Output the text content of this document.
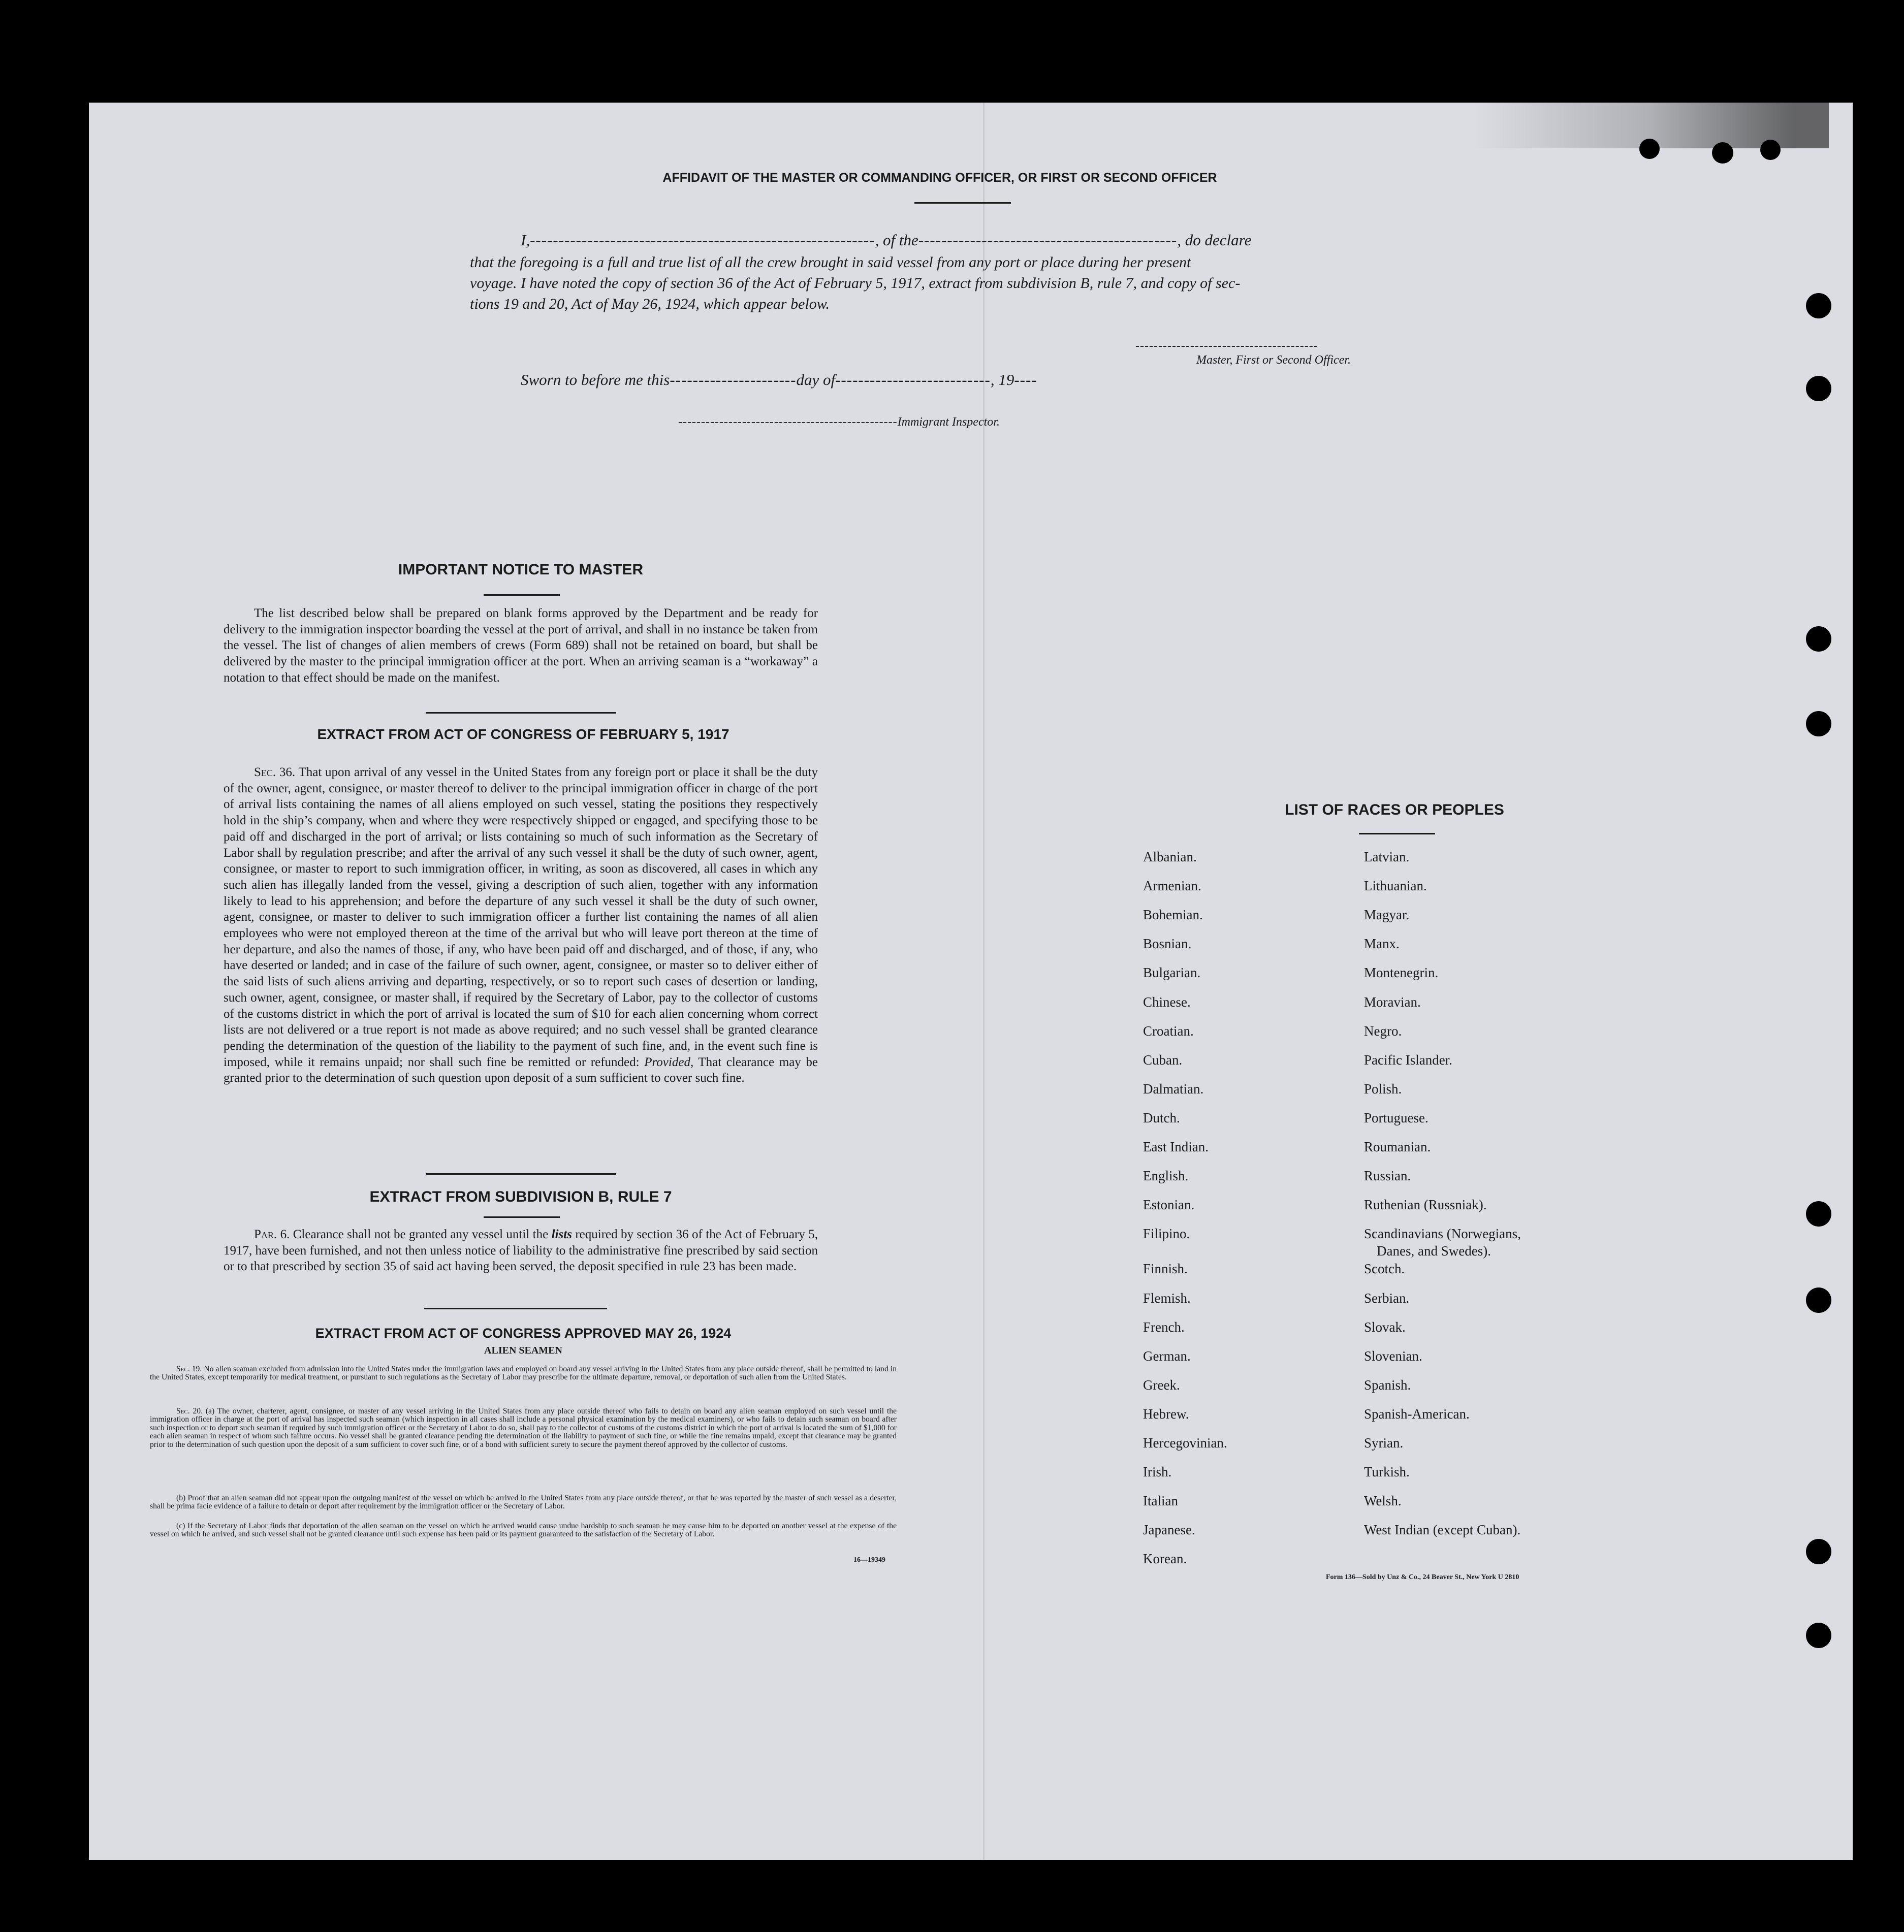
AFFIDAVIT OF THE MASTER OR COMMANDING OFFICER, OR FIRST OR SECOND OFFICER
I,------------------------------------------------------------, of the---------------------------------------------, do declare
that the foregoing is a full and true list of all the crew brought in said vessel from any port or place during her present
voyage. I have noted the copy of section 36 of the Act of February 5, 1917, extract from subdivision B, rule 7, and copy of sec-
tions 19 and 20, Act of May 26, 1924, which appear below.
----------------------------------------
Master, First or Second Officer.
Sworn to before me this----------------------day of---------------------------, 19----
------------------------------------------------Immigrant Inspector.
IMPORTANT NOTICE TO MASTER
The list described below shall be prepared on blank forms approved by the Department and be ready for delivery to the immigration inspector boarding the vessel at the port of arrival, and shall in no instance be taken from the vessel. The list of changes of alien members of crews (Form 689) shall not be retained on board, but shall be delivered by the master to the principal immigration officer at the port. When an arriving seaman is a “workaway” a notation to that effect should be made on the manifest.
EXTRACT FROM ACT OF CONGRESS OF FEBRUARY 5, 1917
Sec. 36. That upon arrival of any vessel in the United States from any foreign port or place it shall be the duty of the owner, agent, consignee, or master thereof to deliver to the principal immigration officer in charge of the port of arrival lists containing the names of all aliens employed on such vessel, stating the positions they respectively hold in the ship’s company, when and where they were respectively shipped or engaged, and specifying those to be paid off and discharged in the port of arrival; or lists containing so much of such information as the Secretary of Labor shall by regulation prescribe; and after the arrival of any such vessel it shall be the duty of such owner, agent, consignee, or master to report to such immigration officer, in writing, as soon as discovered, all cases in which any such alien has illegally landed from the vessel, giving a description of such alien, together with any information likely to lead to his apprehension; and before the departure of any such vessel it shall be the duty of such owner, agent, consignee, or master to deliver to such immigration officer a further list containing the names of all alien employees who were not employed thereon at the time of the arrival but who will leave port thereon at the time of her departure, and also the names of those, if any, who have been paid off and discharged, and of those, if any, who have deserted or landed; and in case of the failure of such owner, agent, consignee, or master so to deliver either of the said lists of such aliens arriving and departing, respectively, or so to report such cases of desertion or landing, such owner, agent, consignee, or master shall, if required by the Secretary of Labor, pay to the collector of customs of the customs district in which the port of arrival is located the sum of $10 for each alien concerning whom correct lists are not delivered or a true report is not made as above required; and no such vessel shall be granted clearance pending the determination of the question of the liability to the payment of such fine, and, in the event such fine is imposed, while it remains unpaid; nor shall such fine be remitted or refunded: Provided, That clearance may be granted prior to the determination of such question upon deposit of a sum sufficient to cover such fine.
EXTRACT FROM SUBDIVISION B, RULE 7
Par. 6. Clearance shall not be granted any vessel until the lists required by section 36 of the Act of February 5, 1917, have been furnished, and not then unless notice of liability to the administrative fine prescribed by said section or to that prescribed by section 35 of said act having been served, the deposit specified in rule 23 has been made.
EXTRACT FROM ACT OF CONGRESS APPROVED MAY 26, 1924
ALIEN SEAMEN
Sec. 19. No alien seaman excluded from admission into the United States under the immigration laws and employed on board any vessel arriving in the United States from any place outside thereof, shall be permitted to land in the United States, except temporarily for medical treatment, or pursuant to such regulations as the Secretary of Labor may prescribe for the ultimate departure, removal, or deportation of such alien from the United States.
Sec. 20. (a) The owner, charterer, agent, consignee, or master of any vessel arriving in the United States from any place outside thereof who fails to detain on board any alien seaman employed on such vessel until the immigration officer in charge at the port of arrival has inspected such seaman (which inspection in all cases shall include a personal physical examination by the medical examiners), or who fails to detain such seaman on board after such inspection or to deport such seaman if required by such immigration officer or the Secretary of Labor to do so, shall pay to the collector of customs of the customs district in which the port of arrival is located the sum of $1,000 for each alien seaman in respect of whom such failure occurs. No vessel shall be granted clearance pending the determination of the liability to payment of such fine, or while the fine remains unpaid, except that clearance may be granted prior to the determination of such question upon the deposit of a sum sufficient to cover such fine, or of a bond with sufficient surety to secure the payment thereof approved by the collector of customs.
(b) Proof that an alien seaman did not appear upon the outgoing manifest of the vessel on which he arrived in the United States from any place outside thereof, or that he was reported by the master of such vessel as a deserter, shall be prima facie evidence of a failure to detain or deport after requirement by the immigration officer or the Secretary of Labor.
(c) If the Secretary of Labor finds that deportation of the alien seaman on the vessel on which he arrived would cause undue hardship to such seaman he may cause him to be deported on another vessel at the expense of the vessel on which he arrived, and such vessel shall not be granted clearance until such expense has been paid or its payment guaranteed to the satisfaction of the Secretary of Labor.
16—19349
LIST OF RACES OR PEOPLES
Albanian.
Armenian.
Bohemian.
Bosnian.
Bulgarian.
Chinese.
Croatian.
Cuban.
Dalmatian.
Dutch.
East Indian.
English.
Estonian.
Filipino.
Finnish.
Flemish.
French.
German.
Greek.
Hebrew.
Hercegovinian.
Irish.
Italian
Japanese.
Korean.
Latvian.
Lithuanian.
Magyar.
Manx.
Montenegrin.
Moravian.
Negro.
Pacific Islander.
Polish.
Portuguese.
Roumanian.
Russian.
Ruthenian (Russniak).
Scandinavians (Norwegians,
Danes, and Swedes).
Scotch.
Serbian.
Slovak.
Slovenian.
Spanish.
Spanish-American.
Syrian.
Turkish.
Welsh.
West Indian (except Cuban).
Form 136—Sold by Unz & Co., 24 Beaver St., New York U 2810
